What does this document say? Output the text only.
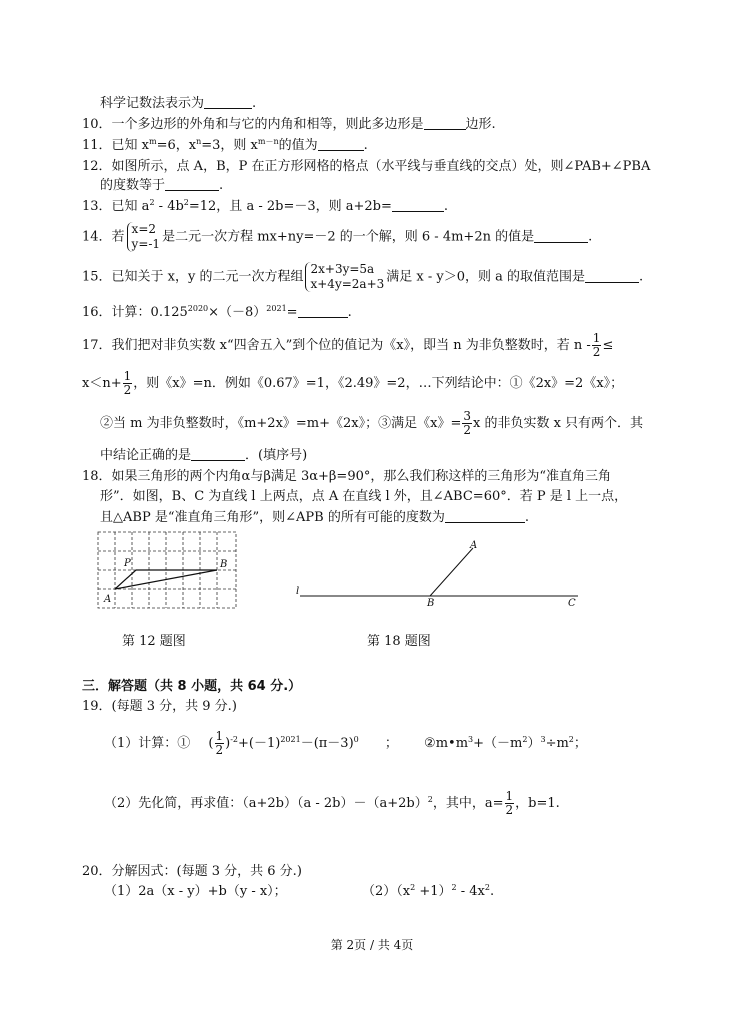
科学记数法表示为	.
10．一个多边形的外角和与它的内角和相等，则此多边形是	边形.
11．已知 $x^m=6$，$x^n=3$，则 $x^{m-n}$的值为	.
12．如图所示，点 A，B，P 在正方形网格的格点（水平线与垂直线的交点）处，则∠PAB+∠PBA
的度数等于	.
13．已知 $a^2 - 4b^2=12$，且 a - 2b=－3，则 a+2b=	.
14．若
x=2
y=-1 是二元一次方程 mx+ny=－2 的一个解，则 6 - 4m+2n 的值是	.
15．已知关于 x，y 的二元一次方程组
2x+3y=5a
x+4y=2a+3 满足 x - y＞0，则 a 的取值范围是	.
16．计算：$0.125^{2020}\times(-8)^{2021}=$	.
17．我们把对非负实数 x“四舍五入”到个位的值记为《x》，即当 n 为非负整数时，若 n - $\frac{1}{2}$ ≤
$x<n+ \frac{1}{2}$ ，则《x》=n．例如《0.67》=1，《2.49》=2，…下列结论中：①《2x》=2《x》；
②当 m 为非负整数时，《m+2x》=m+《2x》；③满足《x》= $\frac{3}{2}$ x 的非负实数 x 只有两个．其
中结论正确的是	．(填序号)
18．如果三角形的两个内角α与β满足 3α+β=90°，那么我们称这样的三角形为“准直角三角
形”．如图，B、C 为直线 l 上两点，点 A 在直线 l 外，且∠ABC=60°．若 P 是 l 上一点，
且△ABP 是“准直角三角形”，则∠APB 的所有可能的度数为	.
P
A
B
第 12 题图
l
A
B	C
第 18 题图
三．解答题（共 8 小题，共 64 分.）
19．(每题 3 分，共 9 分.)
（1）计算：① ( $\frac{1}{2} )^{-2}+(-1)^{2021}-(\pi-3)^0$ ； $②m•m^3+(-m^2)^3\div m^2$；
（2）先化简，再求值：$(a+2b)(a - 2b)-(a+2b)^2$，其中，$a= \frac{1}{2}$ ，b=1.
20．分解因式：(每题 3 分，共 6 分.)
（1）2a（x - y）+b（y - x）；	$(2)(x^2 +1)^2 - 4x^2$.
第 2页 / 共 4页
